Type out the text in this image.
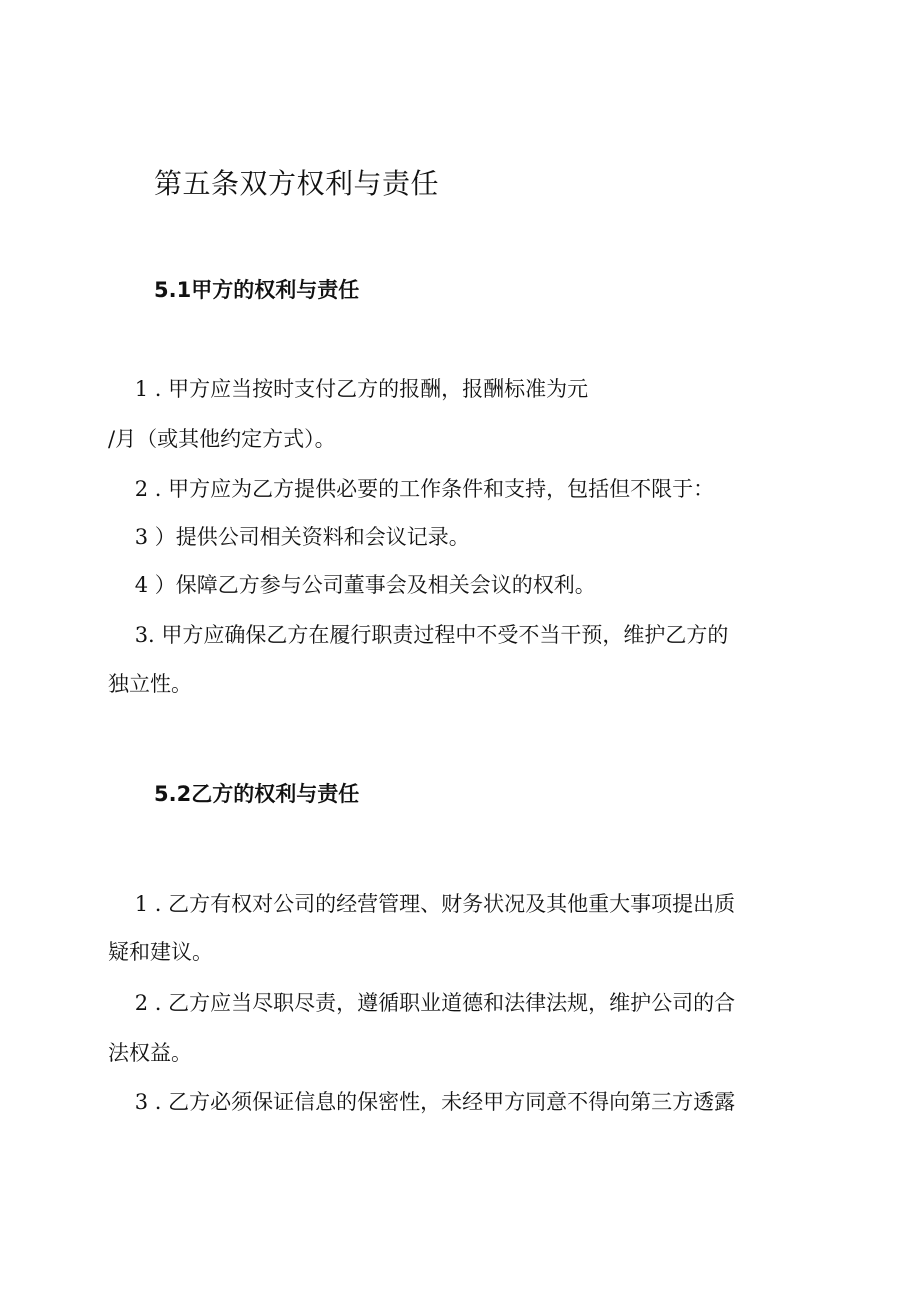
第五条双方权利与责任
5.1甲方的权利与责任

1 . 甲方应当按时支付乙方的报酬，报酬标准为元

/月（或其他约定方式）。

2 . 甲方应为乙方提供必要的工作条件和支持，包括但不限于：

3 ）提供公司相关资料和会议记录。

4 ）保障乙方参与公司董事会及相关会议的权利。

3. 甲方应确保乙方在履行职责过程中不受不当干预，维护乙方的

独立性。

5.2乙方的权利与责任

1 . 乙方有权对公司的经营管理、财务状况及其他重大事项提出质

疑和建议。

2 . 乙方应当尽职尽责，遵循职业道德和法律法规，维护公司的合

法权益。

3 . 乙方必须保证信息的保密性，未经甲方同意不得向第三方透露
